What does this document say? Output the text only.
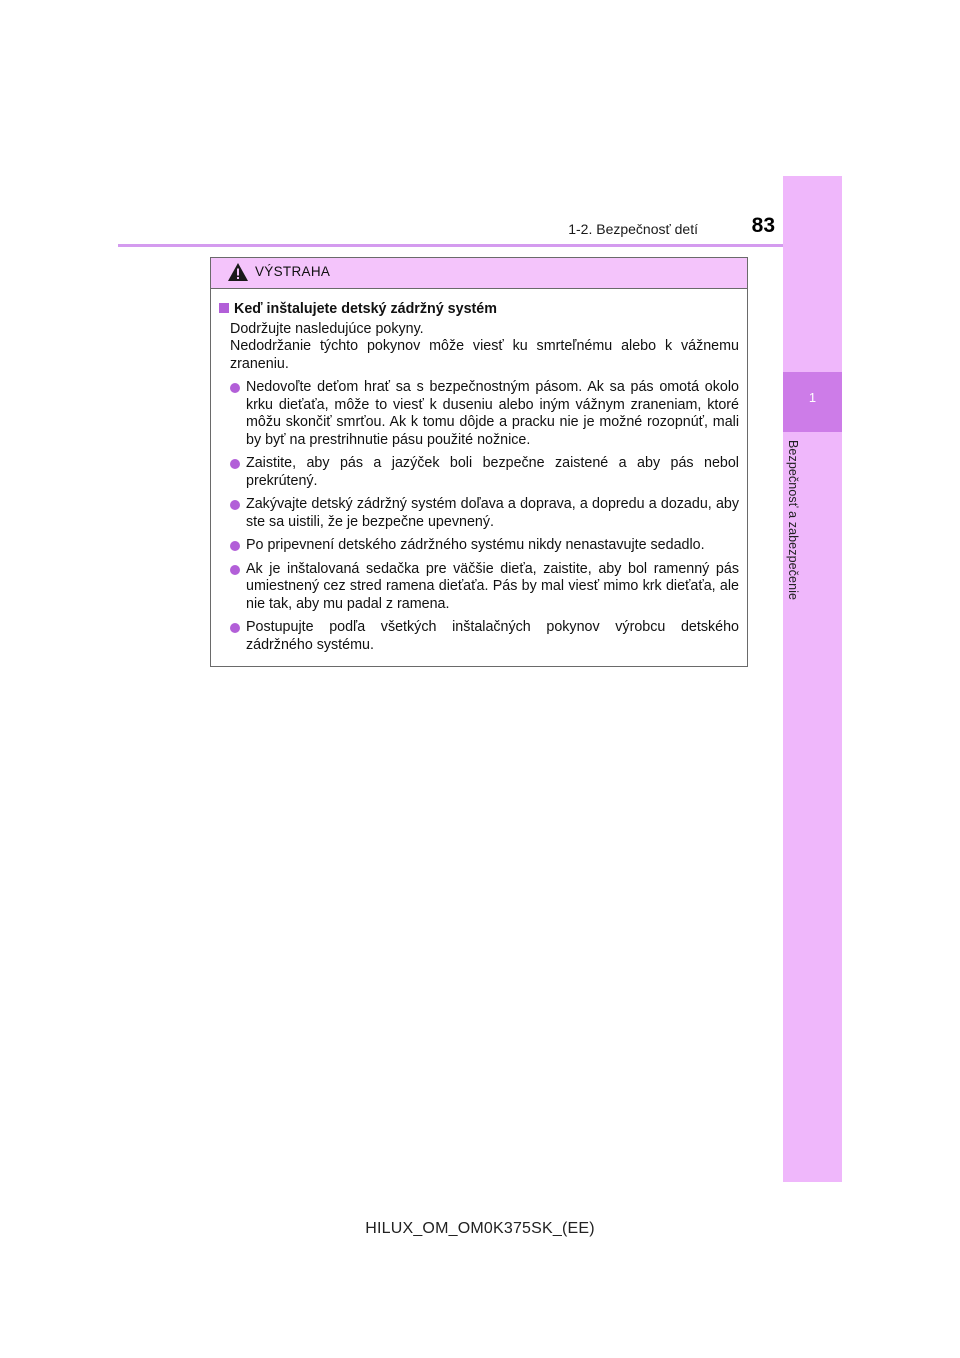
1-2. Bezpečnosť detí	83
1
Bezpečnosť a zabezpečenie
VÝSTRAHA
Keď inštalujete detský zádržný systém
Dodržujte nasledujúce pokyny.
Nedodržanie týchto pokynov môže viesť ku smrteľnému alebo k vážnemu zraneniu.
Nedovoľte deťom hrať sa s bezpečnostným pásom. Ak sa pás omotá okolo krku dieťaťa, môže to viesť k duseniu alebo iným vážnym zraneniam, ktoré môžu skončiť smrťou. Ak k tomu dôjde a pracku nie je možné rozopnúť, mali by byť na prestrihnutie pásu použité nožnice.
Zaistite, aby pás a jazýček boli bezpečne zaistené a aby pás nebol prekrútený.
Zakývajte detský zádržný systém doľava a doprava, a dopredu a dozadu, aby ste sa uistili, že je bezpečne upevnený.
Po pripevnení detského zádržného systému nikdy nenastavujte sedadlo.
Ak je inštalovaná sedačka pre väčšie dieťa, zaistite, aby bol ramenný pás umiestnený cez stred ramena dieťaťa. Pás by mal viesť mimo krk dieťaťa, ale nie tak, aby mu padal z ramena.
Postupujte podľa všetkých inštalačných pokynov výrobcu detského zádržného systému.
HILUX_OM_OM0K375SK_(EE)
